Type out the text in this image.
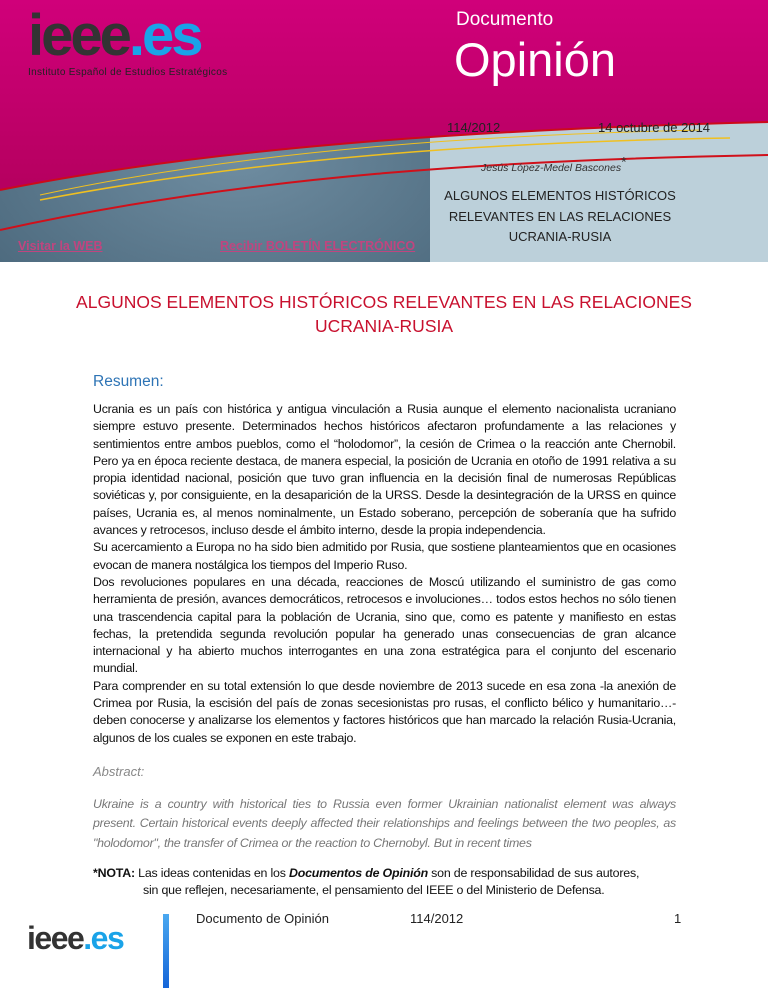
ieee.es
Instituto Español de Estudios Estratégicos
Documento
Opinión
114/2012	14 octubre de 2014
Jesús López-Medel Bascones*
ALGUNOS ELEMENTOS HISTÓRICOS
RELEVANTES EN LAS RELACIONES
UCRANIA-RUSIA
Visitar la WEB	Recibir BOLETÍN ELECTRÓNICO
ALGUNOS ELEMENTOS HISTÓRICOS RELEVANTES EN LAS RELACIONES UCRANIA-RUSIA
Resumen:

Ucrania es un país con histórica y antigua vinculación a Rusia aunque el elemento nacionalista ucraniano siempre estuvo presente. Determinados hechos históricos afectaron profundamente a las relaciones y sentimientos entre ambos pueblos, como el “holodomor”, la cesión de Crimea o la reacción ante Chernobil. Pero ya en época reciente destaca, de manera especial, la posición de Ucrania en otoño de 1991 relativa a su propia identidad nacional, posición que tuvo gran influencia en la decisión final de numerosas Repúblicas soviéticas y, por consiguiente, en la desaparición de la URSS. Desde la desintegración de la URSS en quince países, Ucrania es, al menos nominalmente, un Estado soberano, percepción de soberanía que ha sufrido avances y retrocesos, incluso desde el ámbito interno, desde la propia independencia.

Su acercamiento a Europa no ha sido bien admitido por Rusia, que sostiene planteamientos que en ocasiones evocan de manera nostálgica los tiempos del Imperio Ruso.

Dos revoluciones populares en una década, reacciones de Moscú utilizando el suministro de gas como herramienta de presión, avances democráticos, retrocesos e involuciones… todos estos hechos no sólo tienen una trascendencia capital para la población de Ucrania, sino que, como es patente y manifiesto en estas fechas, la pretendida segunda revolución popular ha generado unas consecuencias de gran alcance internacional y ha abierto muchos interrogantes en una zona estratégica para el conjunto del escenario mundial.

Para comprender en su total extensión lo que desde noviembre de 2013 sucede en esa zona -la anexión de Crimea por Rusia, la escisión del país de zonas secesionistas pro rusas, el conflicto bélico y humanitario…- deben conocerse y analizarse los elementos y factores históricos que han marcado la relación Rusia-Ucrania, algunos de los cuales se exponen en este trabajo.

Abstract:
Ukraine is a country with historical ties to Russia even former Ukrainian nationalist element was always present. Certain historical events deeply affected their relationships and feelings between the two peoples, as "holodomor", the transfer of Crimea or the reaction to Chernobyl. But in recent times
*NOTA: Las ideas contenidas en los Documentos de Opinión son de responsabilidad de sus autores,
sin que reflejen, necesariamente, el pensamiento del IEEE o del Ministerio de Defensa.
ieee.es
Documento de Opinión	114/2012	1
